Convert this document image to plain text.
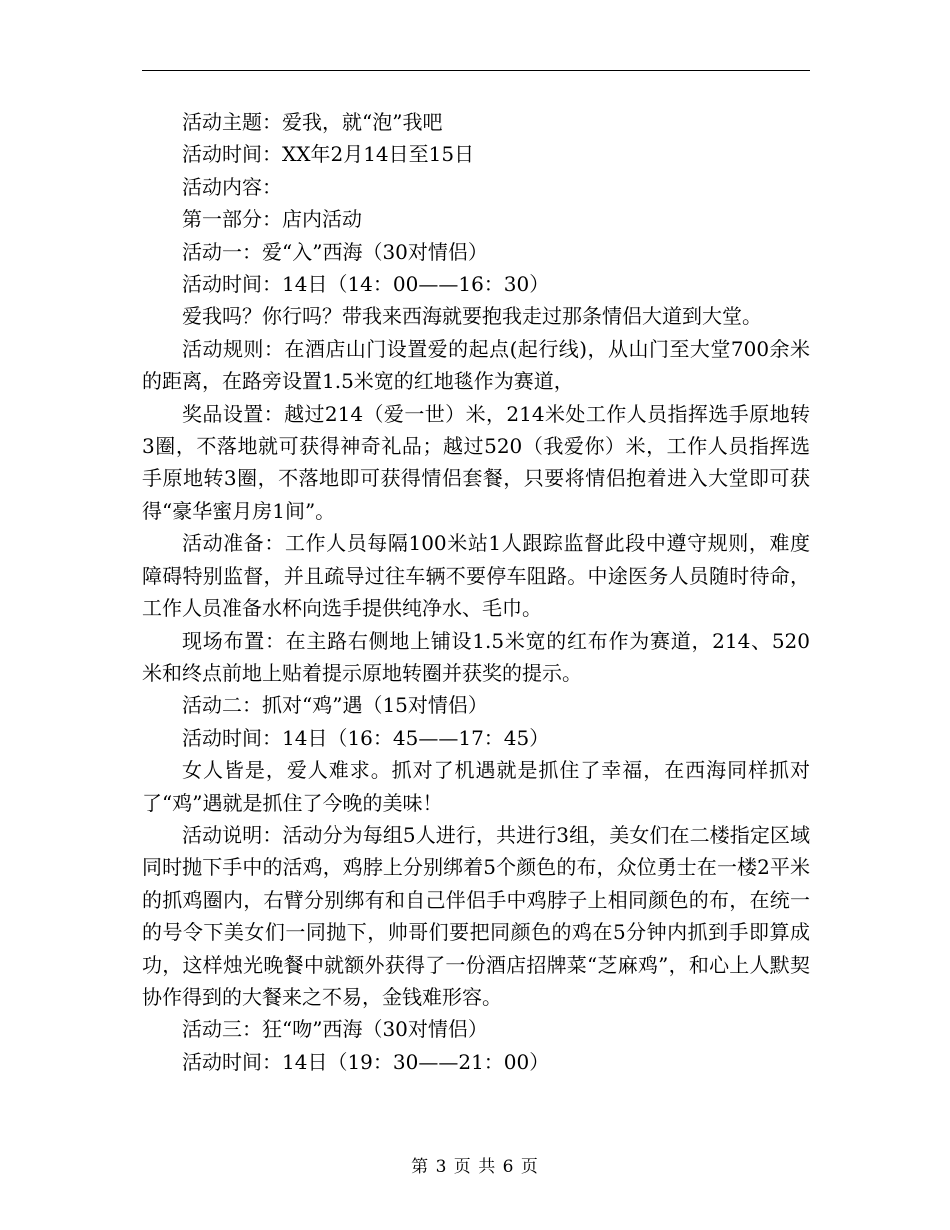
活动主题：爱我，就“泡”我吧

活动时间：XX年2月14日至15日

活动内容：

第一部分：店内活动

活动一：爱“入”西海（30对情侣）

活动时间：14日（14：00——16：30）

爱我吗？你行吗？带我来西海就要抱我走过那条情侣大道到大堂。

活动规则：在酒店山门设置爱的起点(起行线)，从山门至大堂700余米的距离，在路旁设置1.5米宽的红地毯作为赛道，

奖品设置：越过214（爱一世）米，214米处工作人员指挥选手原地转3圈，不落地就可获得神奇礼品；越过520（我爱你）米，工作人员指挥选手原地转3圈，不落地即可获得情侣套餐，只要将情侣抱着进入大堂即可获得“豪华蜜月房1间”。

活动准备：工作人员每隔100米站1人跟踪监督此段中遵守规则，难度障碍特别监督，并且疏导过往车辆不要停车阻路。中途医务人员随时待命，工作人员准备水杯向选手提供纯净水、毛巾。

现场布置：在主路右侧地上铺设1.5米宽的红布作为赛道，214、520米和终点前地上贴着提示原地转圈并获奖的提示。

活动二：抓对“鸡”遇（15对情侣）

活动时间：14日（16：45——17：45）

女人皆是，爱人难求。抓对了机遇就是抓住了幸福，在西海同样抓对了“鸡”遇就是抓住了今晚的美味！

活动说明：活动分为每组5人进行，共进行3组，美女们在二楼指定区域同时抛下手中的活鸡，鸡脖上分别绑着5个颜色的布，众位勇士在一楼2平米的抓鸡圈内，右臂分别绑有和自己伴侣手中鸡脖子上相同颜色的布，在统一的号令下美女们一同抛下，帅哥们要把同颜色的鸡在5分钟内抓到手即算成功，这样烛光晚餐中就额外获得了一份酒店招牌菜“芝麻鸡”，和心上人默契协作得到的大餐来之不易，金钱难形容。

活动三：狂“吻”西海（30对情侣）

活动时间：14日（19：30——21：00）

第 3 页 共 6 页
